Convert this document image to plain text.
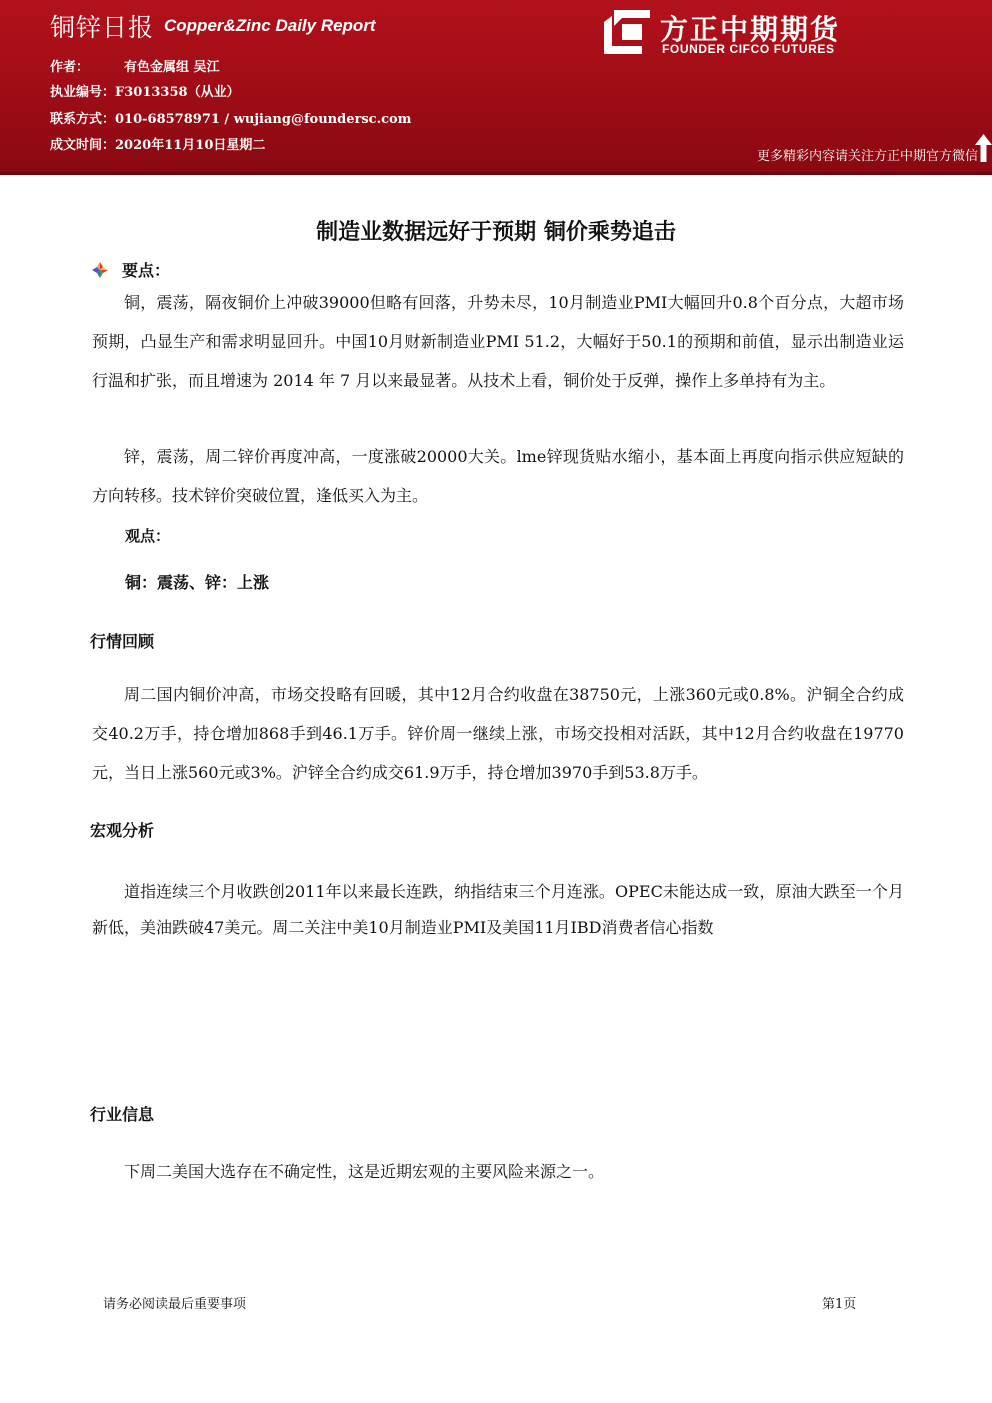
铜锌日报 Copper&Zinc Daily Report
作者：	有色金属组 吴江
执业编号：F3013358（从业）
联系方式：010-68578971 / wujiang@foundersc.com
成文时间：2020年11月10日星期二
方正中期期货
FOUNDER CIFCO FUTURES
更多精彩内容请关注方正中期官方微信
制造业数据远好于预期 铜价乘势追击
要点：

铜，震荡，隔夜铜价上冲破39000但略有回落，升势未尽，10月制造业PMI大幅回升0.8个百分点，大超市场预期，凸显生产和需求明显回升。中国10月财新制造业PMI 51.2，大幅好于50.1的预期和前值，显示出制造业运行温和扩张，而且增速为 2014 年 7 月以来最显著。从技术上看，铜价处于反弹，操作上多单持有为主。

锌，震荡，周二锌价再度冲高，一度涨破20000大关。lme锌现货贴水缩小，基本面上再度向指示供应短缺的方向转移。技术锌价突破位置，逢低买入为主。

观点：
铜：震荡、锌：上涨
行情回顾

周二国内铜价冲高，市场交投略有回暖，其中12月合约收盘在38750元，上涨360元或0.8%。沪铜全合约成交40.2万手，持仓增加868手到46.1万手。锌价周一继续上涨，市场交投相对活跃，其中12月合约收盘在19770元，当日上涨560元或3%。沪锌全合约成交61.9万手，持仓增加3970手到53.8万手。

宏观分析

道指连续三个月收跌创2011年以来最长连跌，纳指结束三个月连涨。OPEC未能达成一致，原油大跌至一个月新低，美油跌破47美元。周二关注中美10月制造业PMI及美国11月IBD消费者信心指数

行业信息

下周二美国大选存在不确定性，这是近期宏观的主要风险来源之一。

请务必阅读最后重要事项	第1页
